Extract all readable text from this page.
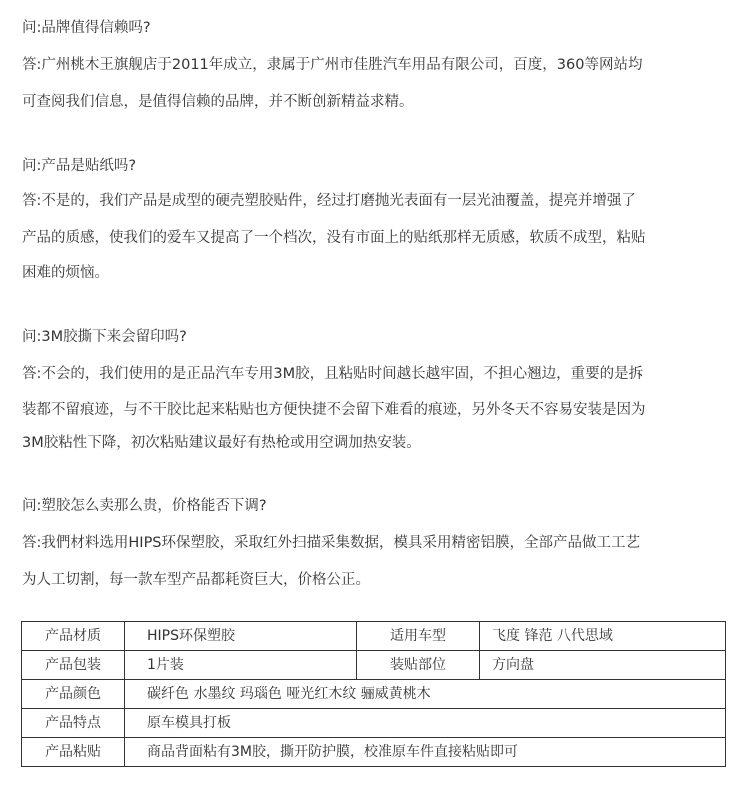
问:品牌值得信赖吗?
答:广州桃木王旗舰店于2011年成立，隶属于广州市佳胜汽车用品有限公司，百度，360等网站均
可查阅我们信息，是值得信赖的品牌，并不断创新精益求精。
问:产品是贴纸吗?
答:不是的，我们产品是成型的硬壳塑胶贴件，经过打磨抛光表面有一层光油覆盖，提亮并增强了
产品的质感，使我们的爱车又提高了一个档次，没有市面上的贴纸那样无质感，软质不成型，粘贴
困难的烦恼。
问:3M胶撕下来会留印吗?
答:不会的，我们使用的是正品汽车专用3M胶，且粘贴时间越长越牢固，不担心翘边，重要的是拆
装都不留痕迹，与不干胶比起来粘贴也方便快捷不会留下难看的痕迹，另外冬天不容易安装是因为
3M胶粘性下降，初次粘贴建议最好有热枪或用空调加热安装。
问:塑胶怎么卖那么贵，价格能否下调?
答:我們材料选用HIPS环保塑胶，采取红外扫描采集数据，模具采用精密铝膜，全部产品做工工艺
为人工切割，每一款车型产品都耗资巨大，价格公正。
产品材质	HIPS环保塑胶	适用车型	飞度 锋范 八代思域
产品包装	1片装	装贴部位	方向盘
产品颜色	碳纤色 水墨纹 玛瑙色 哑光红木纹 骊威黄桃木		
产品特点	原车模具打板		
产品粘贴	商品背面粘有3M胶，撕开防护膜，校准原车件直接粘贴即可		
